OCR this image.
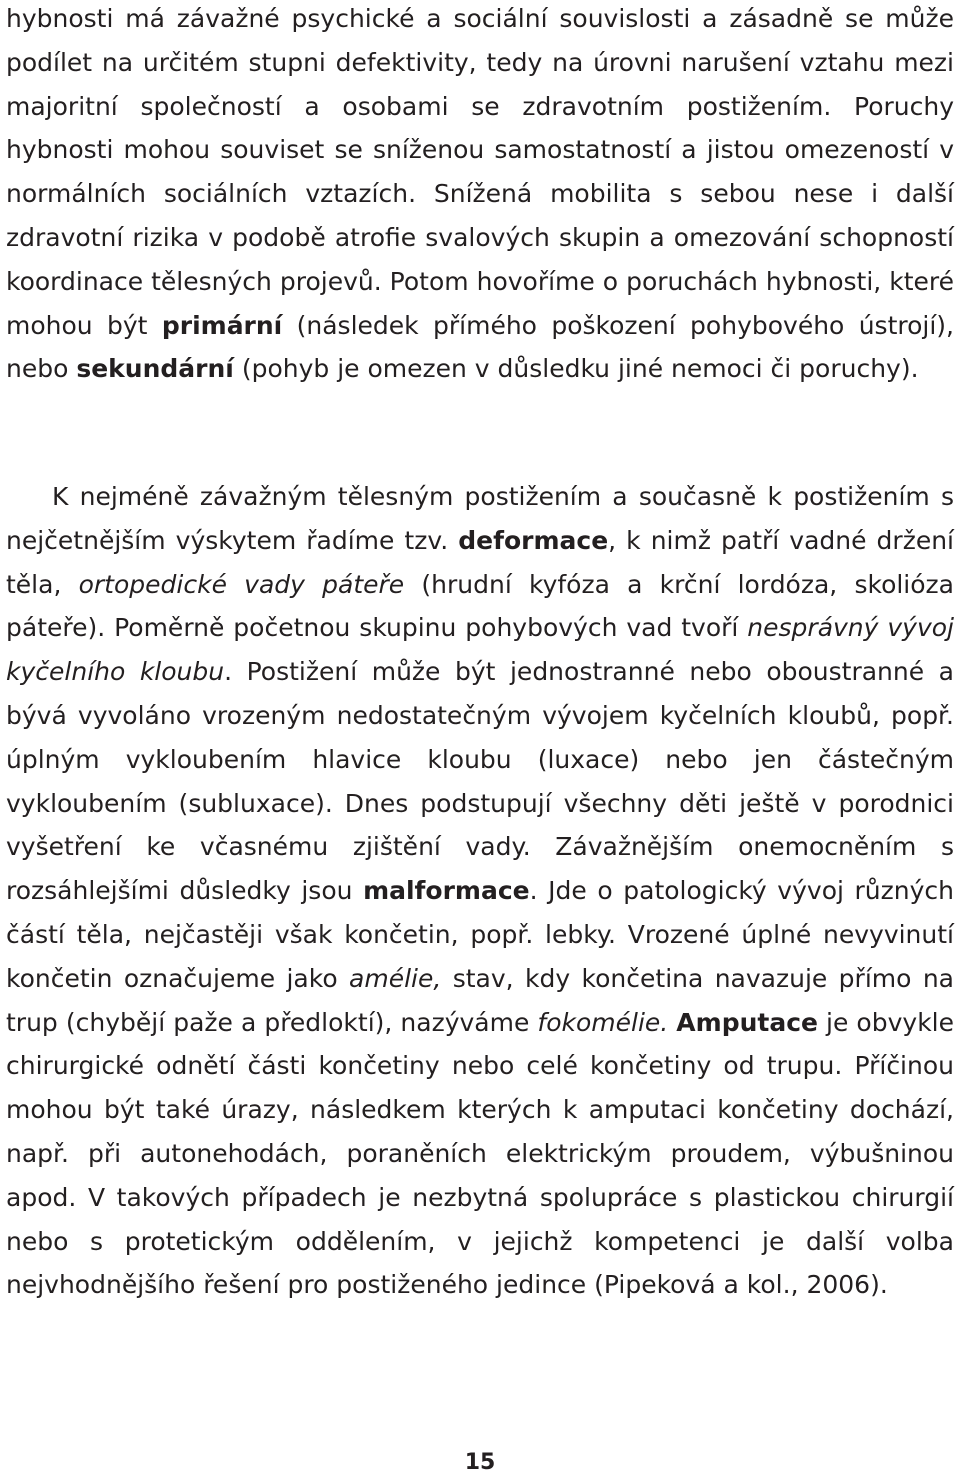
hybnosti má závažné psychické a sociální souvislosti a zásadně se může podílet na určitém stupni defektivity, tedy na úrovni narušení vztahu mezi majoritní společností a osobami se zdravotním postižením. Poruchy hybnosti mohou souviset se sníženou samostatností a jistou omezeností v normálních sociálních vztazích. Snížená mobilita s sebou nese i další zdravotní rizika v podobě atrofie svalových skupin a omezování schopností koordinace tělesných projevů. Potom hovoříme o poruchách hybnosti, které mohou být primární (následek přímého poškození pohybového ústrojí), nebo sekundární (pohyb je omezen v důsledku jiné nemoci či poruchy).

K nejméně závažným tělesným postižením a současně k postižením s nejčetnějším výskytem řadíme tzv. deformace, k nimž patří vadné držení těla, ortopedické vady páteře (hrudní kyfóza a krční lordóza, skolióza páteře). Poměrně početnou skupinu pohybových vad tvoří nesprávný vývoj kyčelního kloubu. Postižení může být jednostranné nebo oboustranné a bývá vyvoláno vrozeným nedostatečným vývojem kyčelních kloubů, popř. úplným vykloubením hlavice kloubu (luxace) nebo jen částečným vykloubením (subluxace). Dnes podstupují všechny děti ještě v porodnici vyšetření ke včasnému zjištění vady. Závažnějším onemocněním s rozsáhlejšími důsledky jsou malformace. Jde o patologický vývoj různých částí těla, nejčastěji však končetin, popř. lebky. Vrozené úplné nevyvinutí končetin označujeme jako amélie, stav, kdy končetina navazuje přímo na trup (chybějí paže a předloktí), nazýváme fokomélie. Amputace je obvykle chirurgické odnětí části končetiny nebo celé končetiny od trupu. Příčinou mohou být také úrazy, následkem kterých k amputaci končetiny dochází, např. při autonehodách, poraněních elektrickým proudem, výbušninou apod. V takových případech je nezbytná spolupráce s plastickou chirurgií nebo s protetickým oddělením, v jejichž kompetenci je další volba nejvhodnějšího řešení pro postiženého jedince (Pipeková a kol., 2006).

15
